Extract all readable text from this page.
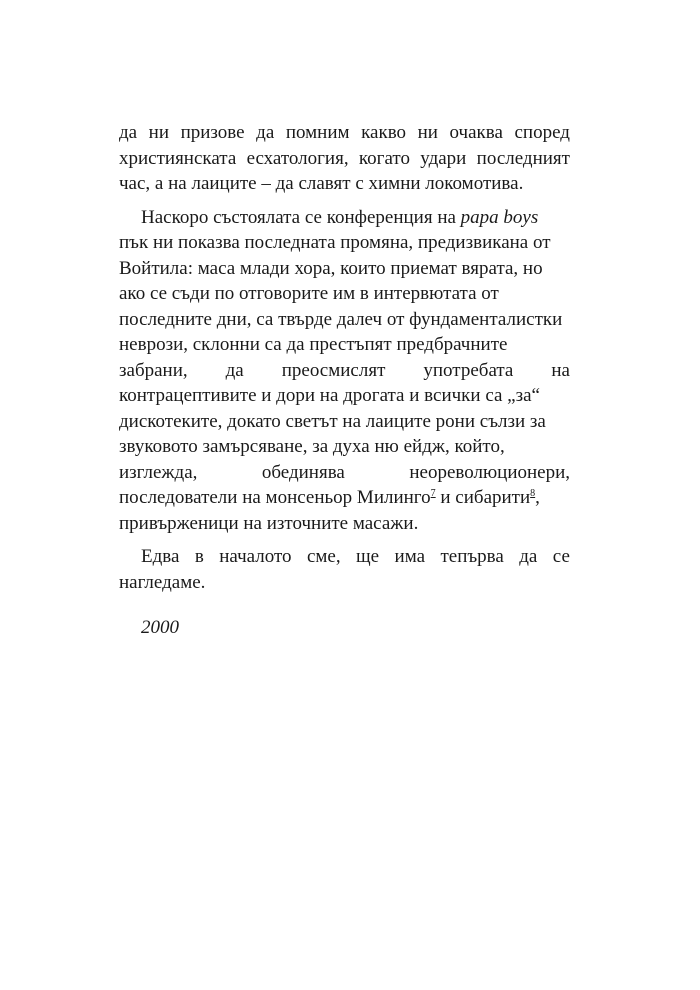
да ни призове да помним какво ни очаква според
християнската есхатология, когато удари последният
час, а на лаиците – да славят с химни локомотива.
Наскоро състоялата се конференция на papa boys
пък ни показва последната промяна, предизвикана от
Войтила: маса млади хора, които приемат вярата, но
ако се съди по отговорите им в интервютата от
последните дни, са твърде далеч от фундаменталистки
неврози, склонни са да престъпят предбрачните
забрани, да преосмислят употребата на
контрацептивите и дори на дрогата и всички са „за“
дискотеките, докато светът на лаиците рони сълзи за
звуковото замърсяване, за духа ню ейдж, който,
изглежда,	обединява	неореволюционери,
последователи на монсеньор Милинго$^7$ и сибарити$^8$,
привърженици на източните масажи.
Едва в началото сме, ще има тепърва да се
нагледаме.
2000
